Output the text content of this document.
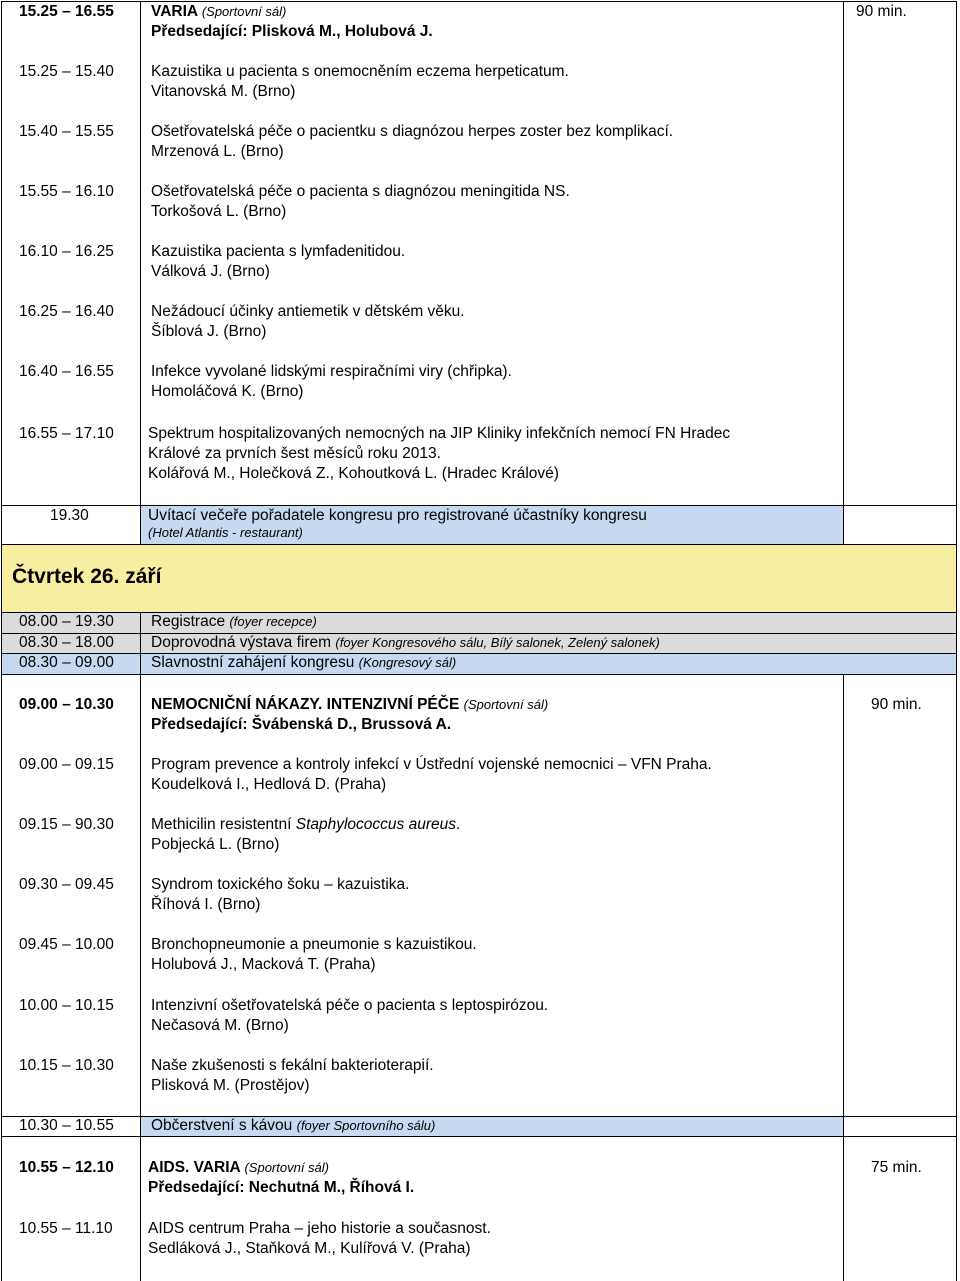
15.25 – 16.55 VARIA (Sportovní sál)
Předsedající: Plisková M., Holubová J.
90 min.
15.25 – 15.40 Kazuistika u pacienta s onemocněním eczema herpeticatum.
Vitanovská M. (Brno)
15.40 – 15.55 Ošetřovatelská péče o pacientku s diagnózou herpes zoster bez komplikací.
Mrzenová L. (Brno)
15.55 – 16.10 Ošetřovatelská péče o pacienta s diagnózou meningitida NS.
Torkošová L. (Brno)
16.10 – 16.25 Kazuistika pacienta s lymfadenitidou.
Válková J. (Brno)
16.25 – 16.40 Nežádoucí účinky antiemetik v dětském věku.
Šíblová J. (Brno)
16.40 – 16.55 Infekce vyvolané lidskými respiračními viry (chřipka).
Homoláčová K. (Brno)
16.55 – 17.10 Spektrum hospitalizovaných nemocných na JIP Kliniky infekčních nemocí FN Hradec
Králové za prvních šest měsíců roku 2013.
Kolářová M., Holečková Z., Kohoutková L. (Hradec Králové)
19.30	Uvítací večeře pořadatele kongresu pro registrované účastníky kongresu
(Hotel Atlantis - restaurant)
Čtvrtek 26. září
08.00 – 19.30 Registrace (foyer recepce)
08.30 – 18.00 Doprovodná výstava firem (foyer Kongresového sálu, Bílý salonek, Zelený salonek)
08.30 – 09.00 Slavnostní zahájení kongresu (Kongresový sál)
09.00 – 10.30 NEMOCNIČNÍ NÁKAZY. INTENZIVNÍ PÉČE (Sportovní sál)
Předsedající: Švábenská D., Brussová A.
90 min.
09.00 – 09.15 Program prevence a kontroly infekcí v Ústřední vojenské nemocnici – VFN Praha.
Koudelková I., Hedlová D. (Praha)
09.15 – 90.30 Methicilin resistentní Staphylococcus aureus.
Pobjecká L. (Brno)
09.30 – 09.45 Syndrom toxického šoku – kazuistika.
Říhová I. (Brno)
09.45 – 10.00 Bronchopneumonie a pneumonie s kazuistikou.
Holubová J., Macková T. (Praha)
10.00 – 10.15 Intenzivní ošetřovatelská péče o pacienta s leptospirózou.
Nečasová M. (Brno)
10.15 – 10.30 Naše zkušenosti s fekální bakterioterapií.
Plisková M. (Prostějov)
10.30 – 10.55 Občerstvení s kávou (foyer Sportovního sálu)
10.55 – 12.10 AIDS. VARIA (Sportovní sál)
Předsedající: Nechutná M., Říhová I.
75 min.
10.55 – 11.10 AIDS centrum Praha – jeho historie a současnost.
Sedláková J., Staňková M., Kulířová V. (Praha)
